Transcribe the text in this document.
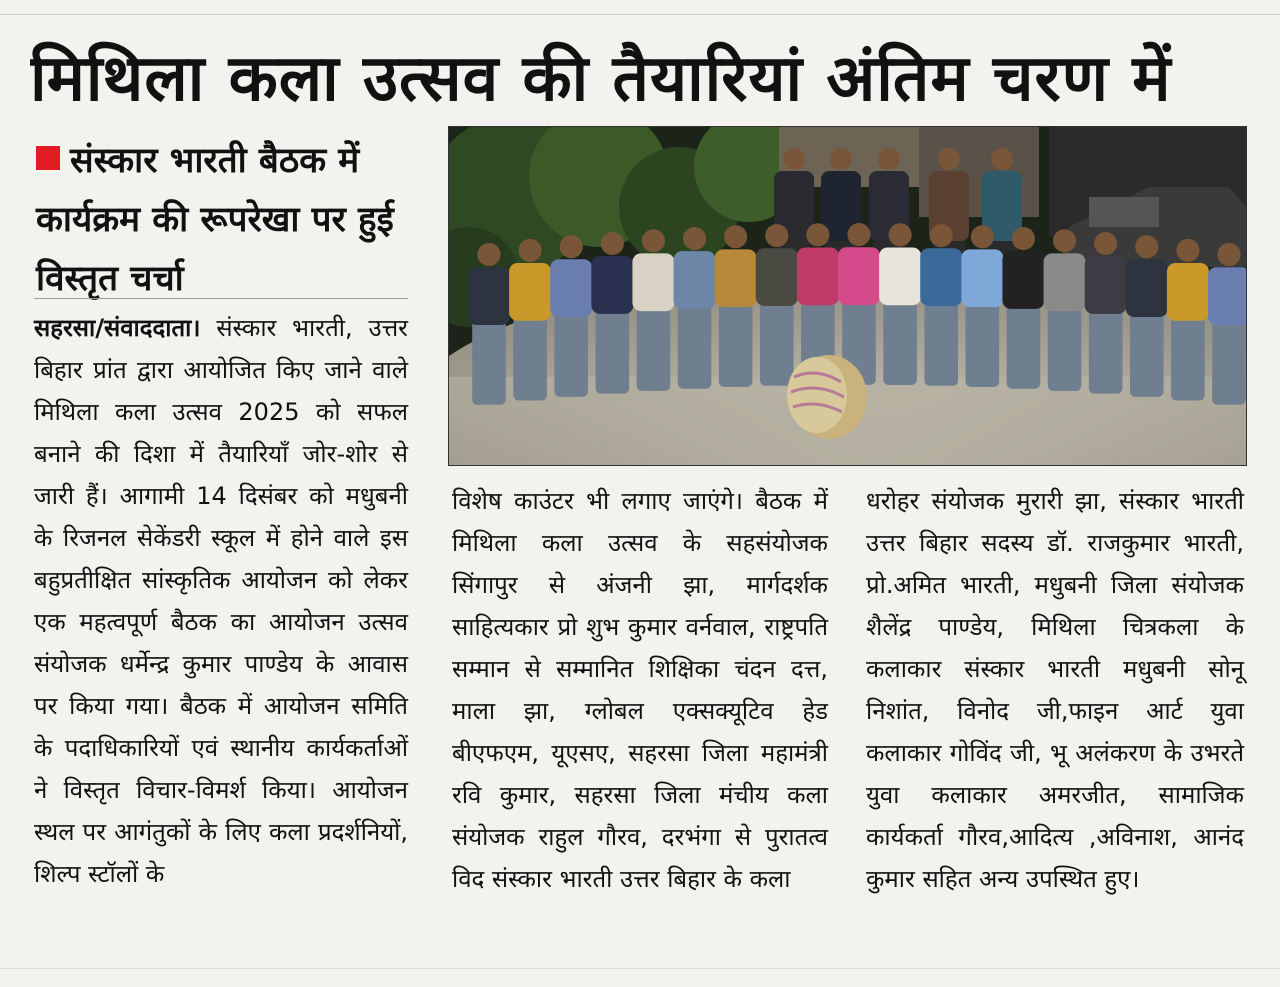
मिथिला कला उत्सव की तैयारियां अंतिम चरण में
संस्कार भारती बैठक में कार्यक्रम की रूपरेखा पर हुई विस्तृत चर्चा
सहरसा/संवाददाता। संस्कार भारती, उत्तर बिहार प्रांत द्वारा आयोजित किए जाने वाले मिथिला कला उत्सव 2025 को सफल बनाने की दिशा में तैयारियाँ जोर-शोर से जारी हैं। आगामी 14 दिसंबर को मधुबनी के रिजनल सेकेंडरी स्कूल में होने वाले इस बहुप्रतीक्षित सांस्कृतिक आयोजन को लेकर एक महत्वपूर्ण बैठक का आयोजन उत्सव संयोजक धर्मेन्द्र कुमार पाण्डेय के आवास पर किया गया। बैठक में आयोजन समिति के पदाधिकारियों एवं स्थानीय कार्यकर्ताओं ने विस्तृत विचार-विमर्श किया। आयोजन स्थल पर आगंतुकों के लिए कला प्रदर्शनियों, शिल्प स्टॉलों के
विशेष काउंटर भी लगाए जाएंगे। बैठक में मिथिला कला उत्सव के सहसंयोजक सिंगापुर से अंजनी झा, मार्गदर्शक साहित्यकार प्रो शुभ कुमार वर्नवाल, राष्ट्रपति सम्मान से सम्मानित शिक्षिका चंदन दत्त, माला झा, ग्लोबल एक्सक्यूटिव हेड बीएफएम, यूएसए, सहरसा जिला महामंत्री रवि कुमार, सहरसा जिला मंचीय कला संयोजक राहुल गौरव, दरभंगा से पुरातत्व विद संस्कार भारती उत्तर बिहार के कला
धरोहर संयोजक मुरारी झा, संस्कार भारती उत्तर बिहार सदस्य डॉ. राजकुमार भारती, प्रो.अमित भारती, मधुबनी जिला संयोजक शैलेंद्र पाण्डेय, मिथिला चित्रकला के कलाकार संस्कार भारती मधुबनी सोनू निशांत, विनोद जी,फाइन आर्ट युवा कलाकार गोविंद जी, भू अलंकरण के उभरते युवा कलाकार अमरजीत, सामाजिक कार्यकर्ता गौरव,आदित्य ,अविनाश, आनंद कुमार सहित अन्य उपस्थित हुए।
